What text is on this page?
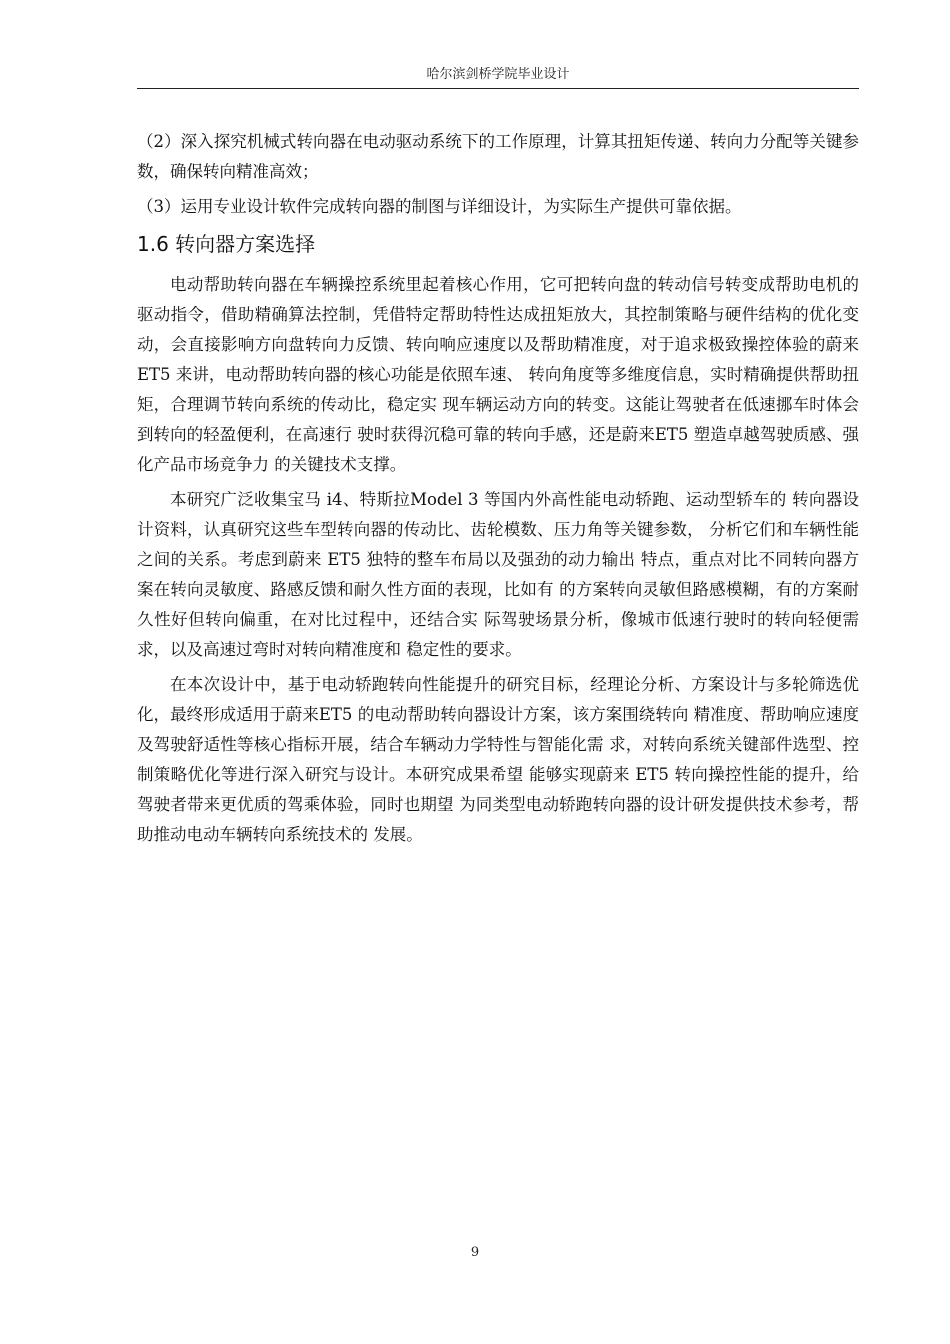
哈尔滨剑桥学院毕业设计

（2）深入探究机械式转向器在电动驱动系统下的工作原理，计算其扭矩传递、转向力分配等关键参数，确保转向精准高效；

（3）运用专业设计软件完成转向器的制图与详细设计，为实际生产提供可靠依据。

1.6 转向器方案选择

电动帮助转向器在车辆操控系统里起着核心作用，它可把转向盘的转动信号转变成帮助电机的驱动指令，借助精确算法控制，凭借特定帮助特性达成扭矩放大，其控制策略与硬件结构的优化变动，会直接影响方向盘转向力反馈、转向响应速度以及帮助精准度，对于追求极致操控体验的蔚来 ET5 来讲，电动帮助转向器的核心功能是依照车速、 转向角度等多维度信息，实时精确提供帮助扭矩，合理调节转向系统的传动比，稳定实 现车辆运动方向的转变。这能让驾驶者在低速挪车时体会到转向的轻盈便利，在高速行 驶时获得沉稳可靠的转向手感，还是蔚来ET5 塑造卓越驾驶质感、强化产品市场竞争力 的关键技术支撑。

本研究广泛收集宝马 i4、特斯拉Model 3 等国内外高性能电动轿跑、运动型轿车的 转向器设计资料，认真研究这些车型转向器的传动比、齿轮模数、压力角等关键参数， 分析它们和车辆性能之间的关系。考虑到蔚来 ET5 独特的整车布局以及强劲的动力输出 特点，重点对比不同转向器方案在转向灵敏度、路感反馈和耐久性方面的表现，比如有 的方案转向灵敏但路感模糊，有的方案耐久性好但转向偏重，在对比过程中，还结合实 际驾驶场景分析，像城市低速行驶时的转向轻便需求，以及高速过弯时对转向精准度和 稳定性的要求。

在本次设计中，基于电动轿跑转向性能提升的研究目标，经理论分析、方案设计与多轮筛选优化，最终形成适用于蔚来ET5 的电动帮助转向器设计方案，该方案围绕转向 精准度、帮助响应速度及驾驶舒适性等核心指标开展，结合车辆动力学特性与智能化需 求，对转向系统关键部件选型、控制策略优化等进行深入研究与设计。本研究成果希望 能够实现蔚来 ET5 转向操控性能的提升，给驾驶者带来更优质的驾乘体验，同时也期望 为同类型电动轿跑转向器的设计研发提供技术参考，帮助推动电动车辆转向系统技术的 发展。

9
